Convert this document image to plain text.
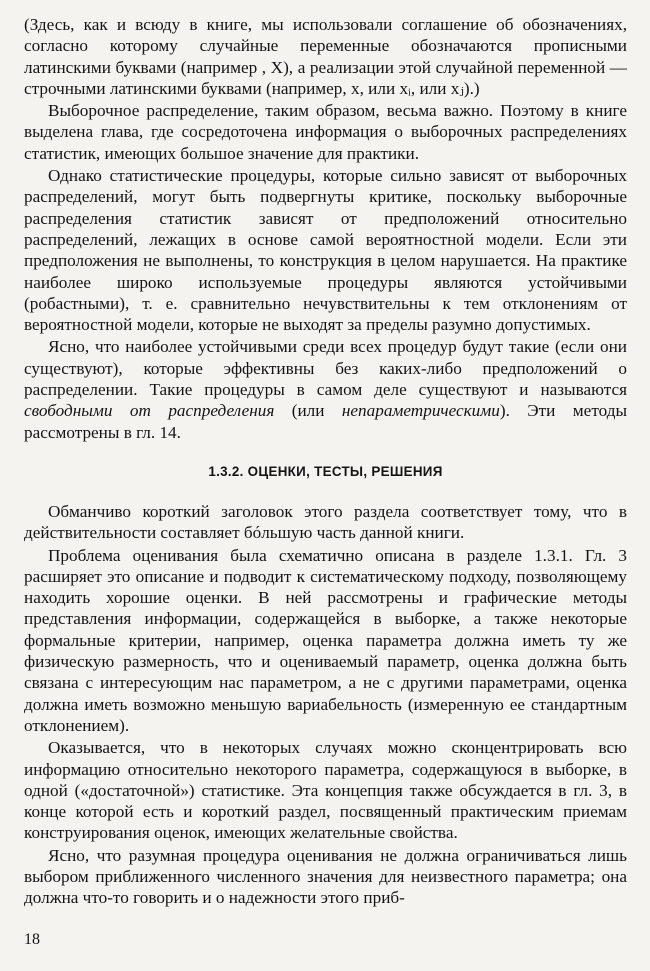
(Здесь, как и всюду в книге, мы использовали соглашение об обозначениях, согласно которому случайные переменные обозначаются прописными латинскими буквами (например , X), а реализации этой случайной переменной — строчными латинскими буквами (например, x, или xᵢ, или xⱼ).)

Выборочное распределение, таким образом, весьма важно. Поэтому в книге выделена глава, где сосредоточена информация о выборочных распределениях статистик, имеющих большое значение для практики.

Однако статистические процедуры, которые сильно зависят от выборочных распределений, могут быть подвергнуты критике, поскольку выборочные распределения статистик зависят от предположений относительно распределений, лежащих в основе самой вероятностной модели. Если эти предположения не выполнены, то конструкция в целом нарушается. На практике наиболее широко используемые процедуры являются устойчивыми (робастными), т. е. сравнительно нечувствительны к тем отклонениям от вероятностной модели, которые не выходят за пределы разумно допустимых.

Ясно, что наиболее устойчивыми среди всех процедур будут такие (если они существуют), которые эффективны без каких-либо предположений о распределении. Такие процедуры в самом деле существуют и называются свободными от распределения (или непараметрическими). Эти методы рассмотрены в гл. 14.

1.3.2. ОЦЕНКИ, ТЕСТЫ, РЕШЕНИЯ

Обманчиво короткий заголовок этого раздела соответствует тому, что в действительности составляет бóльшую часть данной книги.

Проблема оценивания была схематично описана в разделе 1.3.1. Гл. 3 расширяет это описание и подводит к систематическому подходу, позволяющему находить хорошие оценки. В ней рассмотрены и графические методы представления информации, содержащейся в выборке, а также некоторые формальные критерии, например, оценка параметра должна иметь ту же физическую размерность, что и оцениваемый параметр, оценка должна быть связана с интересующим нас параметром, а не с другими параметрами, оценка должна иметь возможно меньшую вариабельность (измеренную ее стандартным отклонением).

Оказывается, что в некоторых случаях можно сконцентрировать всю информацию относительно некоторого параметра, содержащуюся в выборке, в одной («достаточной») статистике. Эта концепция также обсуждается в гл. 3, в конце которой есть и короткий раздел, посвященный практическим приемам конструирования оценок, имеющих желательные свойства.

Ясно, что разумная процедура оценивания не должна ограничиваться лишь выбором приближенного численного значения для неизвестного параметра; она должна что-то говорить и о надежности этого приб-

18
